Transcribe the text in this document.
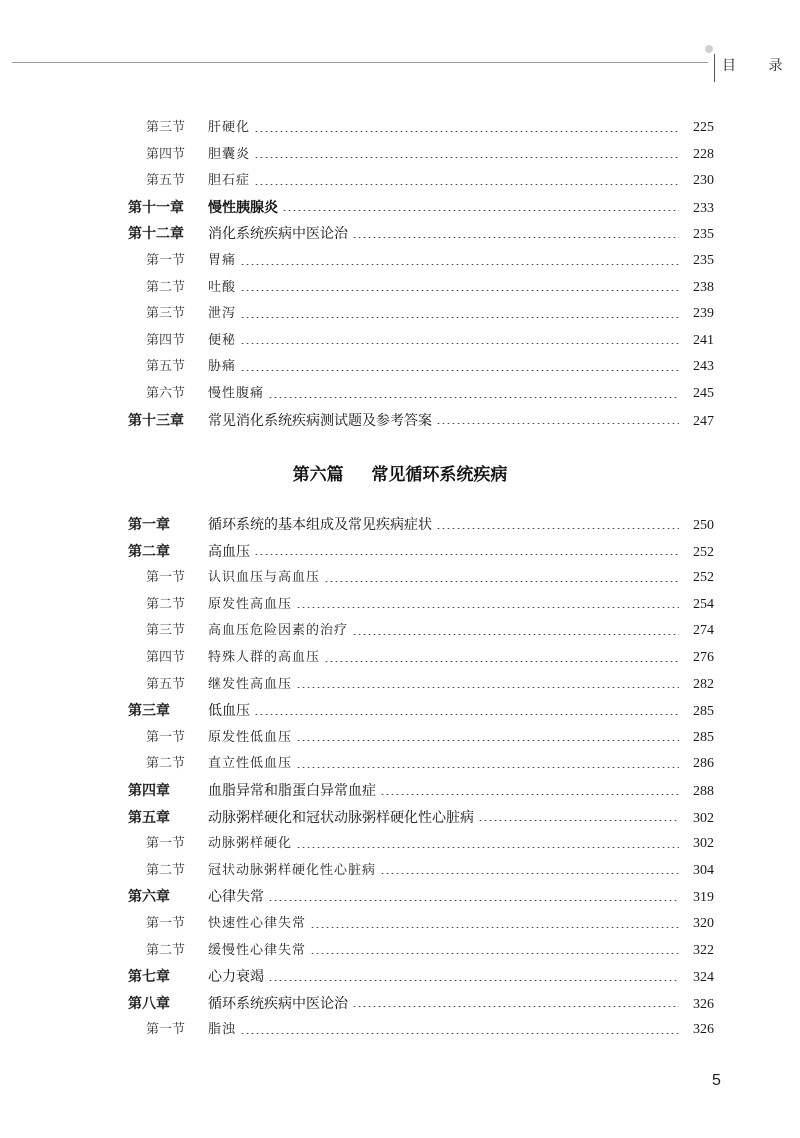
目 录
第三节	肝硬化	225
第四节	胆囊炎	228
第五节	胆石症	230
第十一章	慢性胰腺炎	233
第十二章	消化系统疾病中医论治	235
第一节	胃痛	235
第二节	吐酸	238
第三节	泄泻	239
第四节	便秘	241
第五节	胁痛	243
第六节	慢性腹痛	245
第十三章	常见消化系统疾病测试题及参考答案	247
第一章	循环系统的基本组成及常见疾病症状	250
第二章	高血压	252
第一节	认识血压与高血压	252
第二节	原发性高血压	254
第三节	高血压危险因素的治疗	274
第四节	特殊人群的高血压	276
第五节	继发性高血压	282
第三章	低血压	285
第一节	原发性低血压	285
第二节	直立性低血压	286
第四章	血脂异常和脂蛋白异常血症	288
第五章	动脉粥样硬化和冠状动脉粥样硬化性心脏病	302
第一节	动脉粥样硬化	302
第二节	冠状动脉粥样硬化性心脏病	304
第六章	心律失常	319
第一节	快速性心律失常	320
第二节	缓慢性心律失常	322
第七章	心力衰竭	324
第八章	循环系统疾病中医论治	326
第一节	脂浊	326
第六篇 常见循环系统疾病
5
